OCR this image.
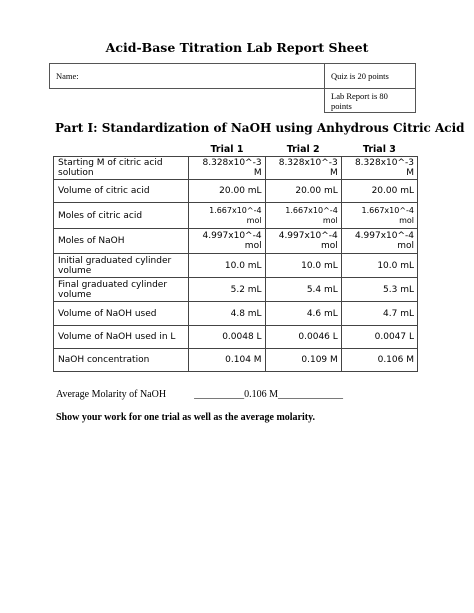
Acid-Base Titration Lab Report Sheet
Name:	Quiz is 20 points
	Lab Report is 80 points
Part I: Standardization of NaOH using Anhydrous Citric Acid
	Trial 1	Trial 2	Trial 3
Starting M of citric acid solution	8.328x10^-3 M	8.328x10^-3 M	8.328x10^-3 M
Volume of citric acid	20.00 mL	20.00 mL	20.00 mL
Moles of citric acid	1.667x10^-4 mol	1.667x10^-4 mol	1.667x10^-4 mol
Moles of NaOH	4.997x10^-4 mol	4.997x10^-4 mol	4.997x10^-4 mol
Initial graduated cylinder volume	10.0 mL	10.0 mL	10.0 mL
Final graduated cylinder volume	5.2 mL	5.4 mL	5.3 mL
Volume of NaOH used	4.8 mL	4.6 mL	4.7 mL
Volume of NaOH used in L	0.0048 L	0.0046 L	0.0047 L
NaOH concentration	0.104 M	0.109 M	0.106 M
Average Molarity of NaOH	__________0.106 M_____________
Show your work for one trial as well as the average molarity.
